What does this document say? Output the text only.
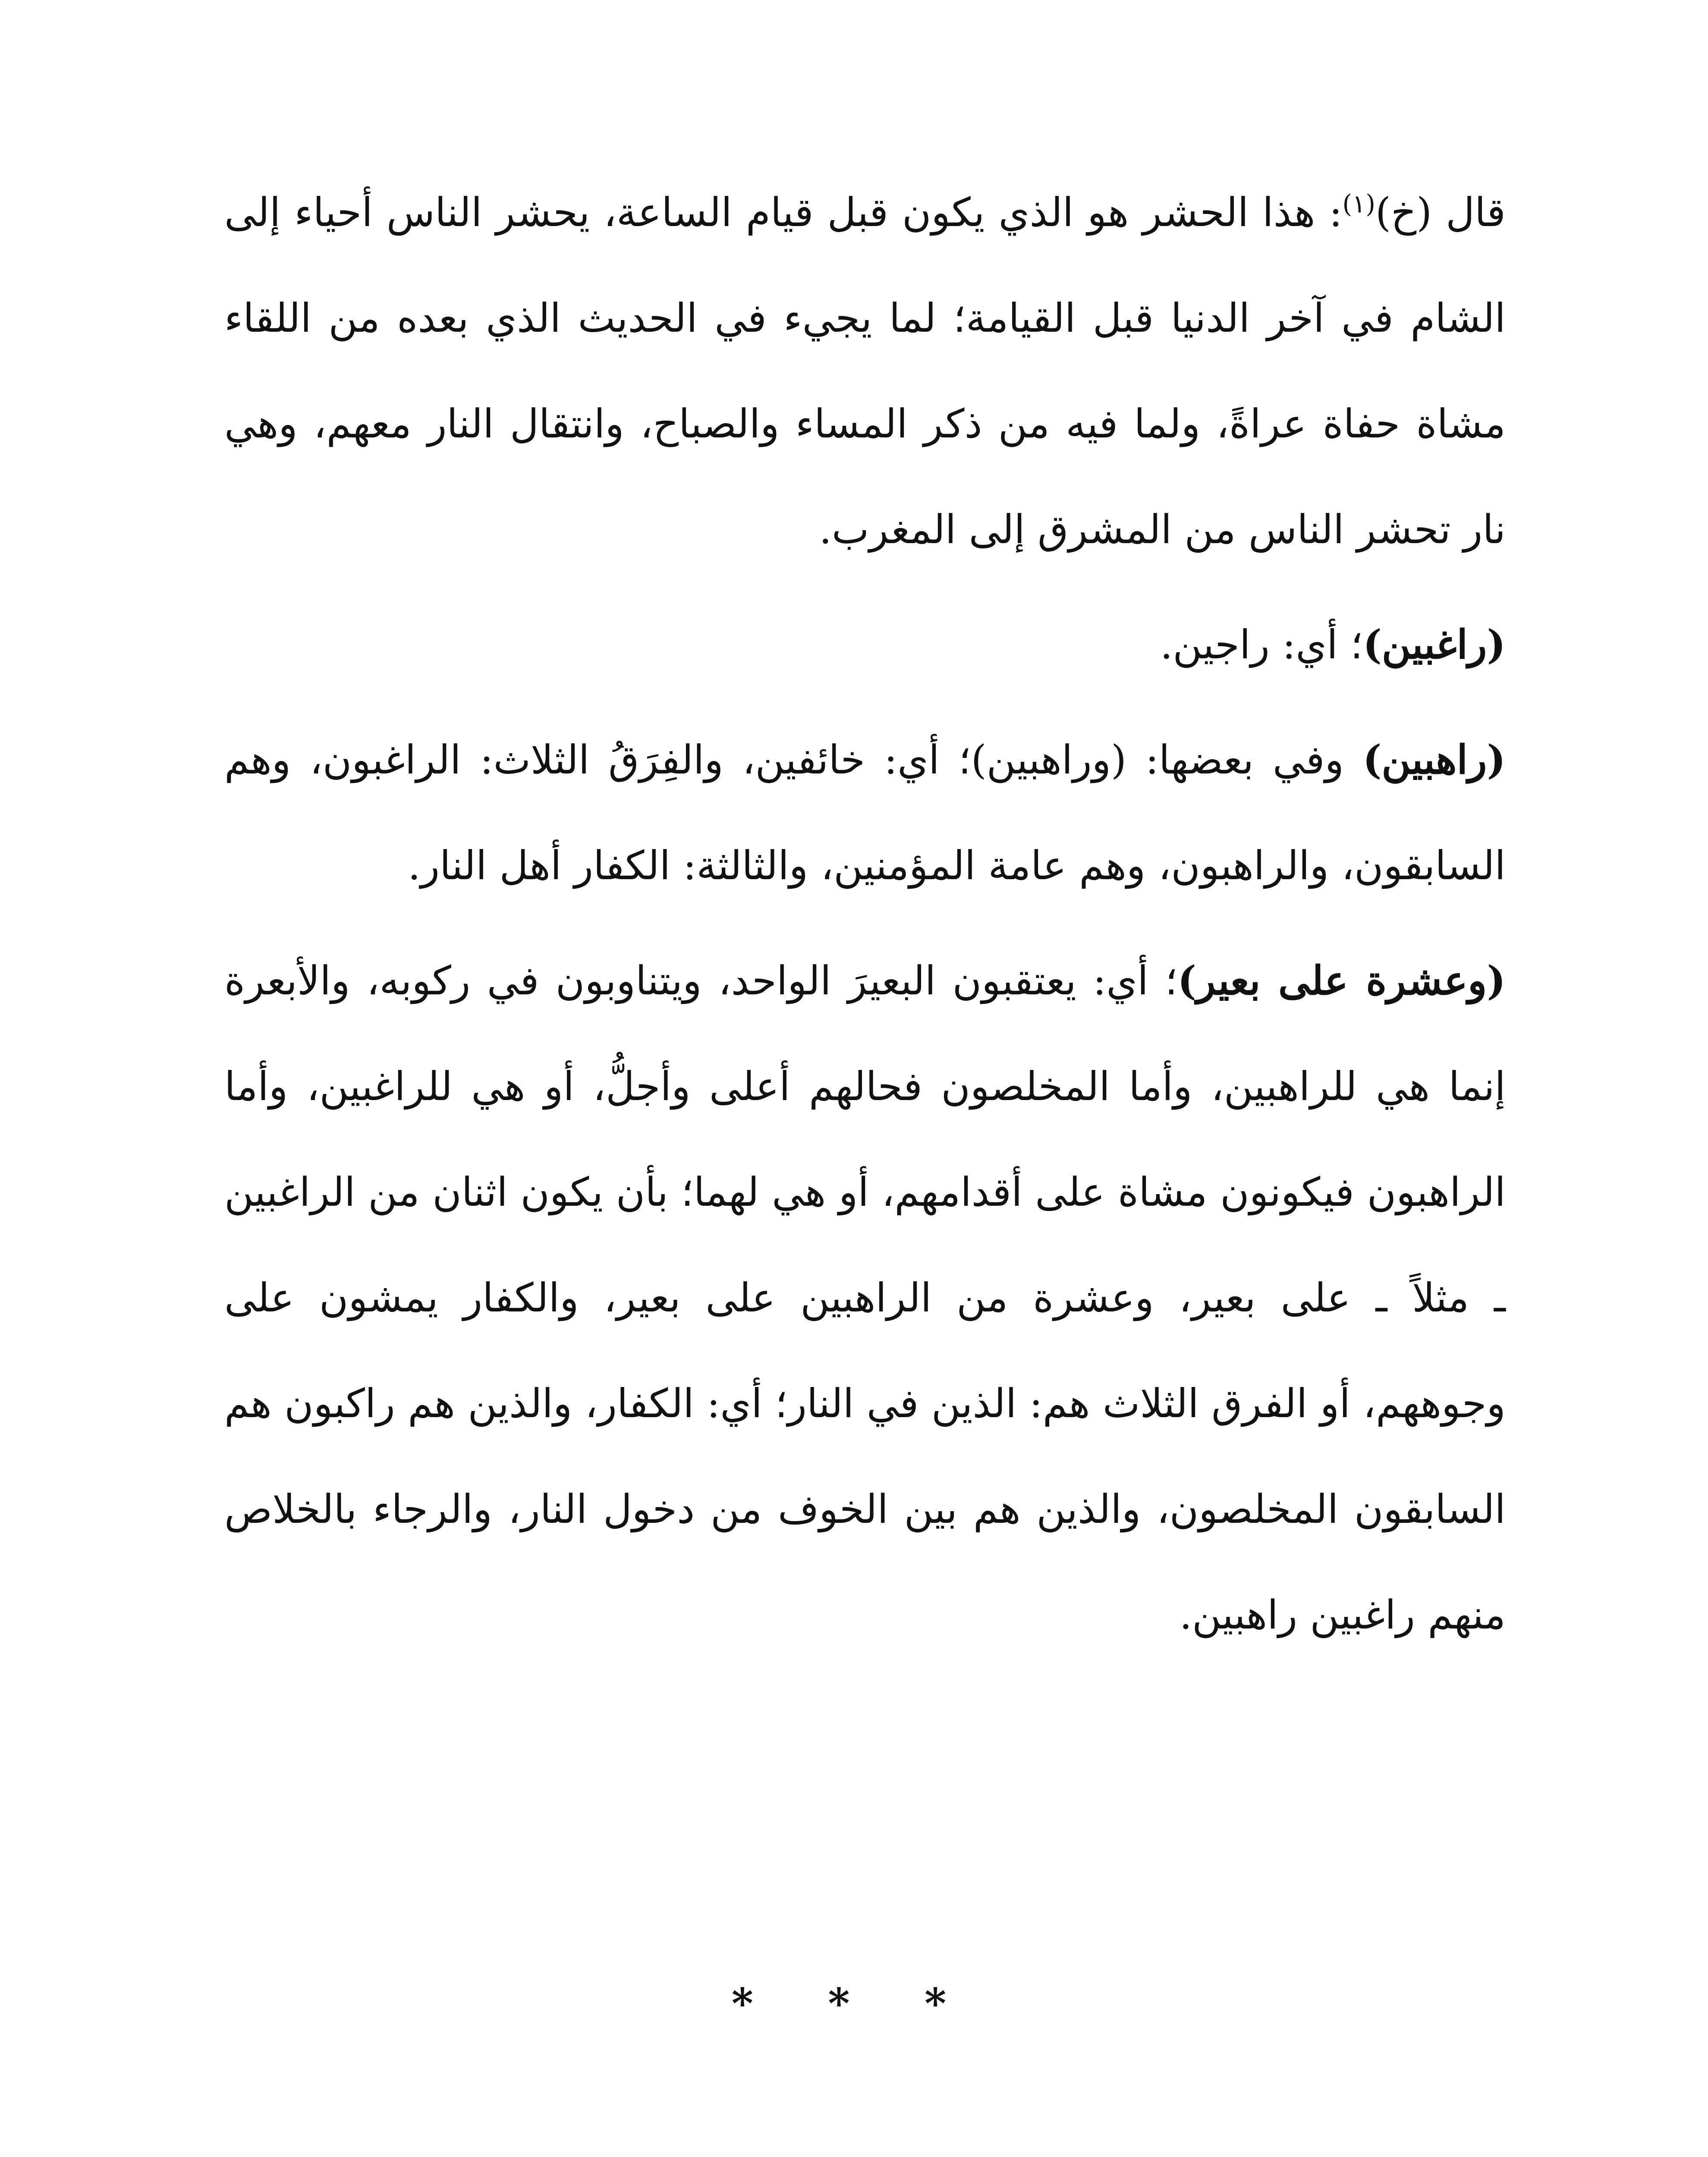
قال (خ)$^{(١)}$: هذا الحشر هو الذي يكون قبل قيام الساعة، يحشر الناس أحياء إلى الشام في آخر الدنيا قبل القيامة؛ لما يجيء في الحديث الذي بعده من اللقاء مشاة حفاة عراةً، ولما فيه من ذكر المساء والصباح، وانتقال النار معهم، وهي نار تحشر الناس من المشرق إلى المغرب.

(راغبين)؛ أي: راجين.

(راهبين) وفي بعضها: (وراهبين)؛ أي: خائفين، والفِرَقُ الثلاث: الراغبون، وهم السابقون، والراهبون، وهم عامة المؤمنين، والثالثة: الكفار أهل النار.

(وعشرة على بعير)؛ أي: يعتقبون البعيرَ الواحد، ويتناوبون في ركوبه، والأبعرة إنما هي للراهبين، وأما المخلصون فحالهم أعلى وأجلُّ، أو هي للراغبين، وأما الراهبون فيكونون مشاة على أقدامهم، أو هي لهما؛ بأن يكون اثنان من الراغبين ـ مثلاً ـ على بعير، وعشرة من الراهبين على بعير، والكفار يمشون على وجوههم، أو الفرق الثلاث هم: الذين في النار؛ أي: الكفار، والذين هم راكبون هم السابقون المخلصون، والذين هم بين الخوف من دخول النار، والرجاء بالخلاص منهم راغبين راهبين.

* * *
